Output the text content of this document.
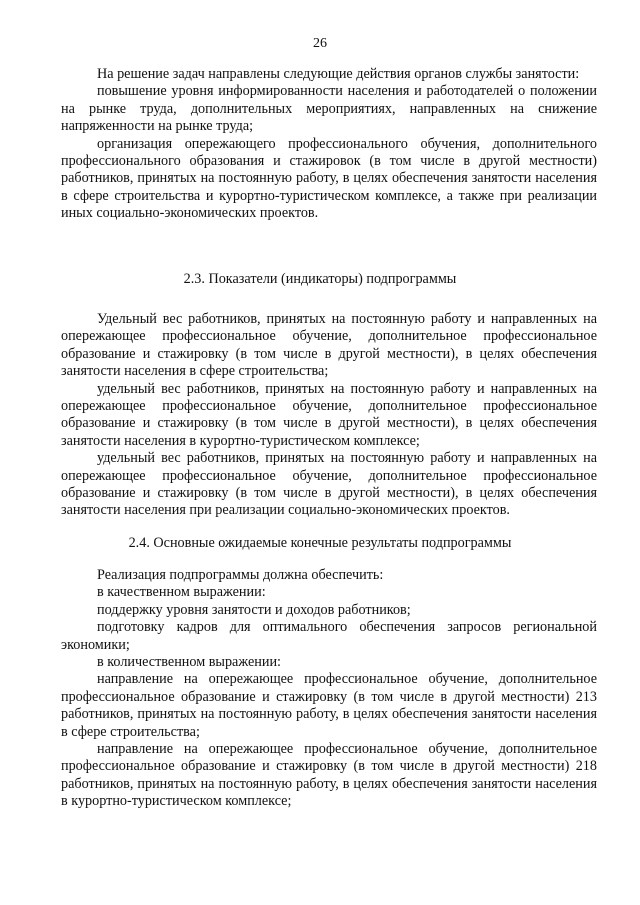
26

На решение задач направлены следующие действия органов службы занятости:

повышение уровня информированности населения и работодателей о положении на рынке труда, дополнительных мероприятиях, направленных на снижение напряженности на рынке труда;

организация опережающего профессионального обучения, дополнительного профессионального образования и стажировок (в том числе в другой местности) работников, принятых на постоянную работу, в целях обеспечения занятости населения в сфере строительства и курортно-туристическом комплексе, а также при реализации иных социально-экономических проектов.

2.3. Показатели (индикаторы) подпрограммы

Удельный вес работников, принятых на постоянную работу и направленных на опережающее профессиональное обучение, дополнительное профессиональное образование и стажировку (в том числе в другой местности), в целях обеспечения занятости населения в сфере строительства;

удельный вес работников, принятых на постоянную работу и направленных на опережающее профессиональное обучение, дополнительное профессиональное образование и стажировку (в том числе в другой местности), в целях обеспечения занятости населения в курортно-туристическом комплексе;

удельный вес работников, принятых на постоянную работу и направленных на опережающее профессиональное обучение, дополнительное профессиональное образование и стажировку (в том числе в другой местности), в целях обеспечения занятости населения при реализации социально-экономических проектов.

2.4. Основные ожидаемые конечные результаты подпрограммы

Реализация подпрограммы должна обеспечить:

в качественном выражении:

поддержку уровня занятости и доходов работников;

подготовку кадров для оптимального обеспечения запросов региональной экономики;

в количественном выражении:

направление на опережающее профессиональное обучение, дополнительное профессиональное образование и стажировку (в том числе в другой местности) 213 работников, принятых на постоянную работу, в целях обеспечения занятости населения в сфере строительства;

направление на опережающее профессиональное обучение, дополнительное профессиональное образование и стажировку (в том числе в другой местности) 218 работников, принятых на постоянную работу, в целях обеспечения занятости населения в курортно-туристическом комплексе;
